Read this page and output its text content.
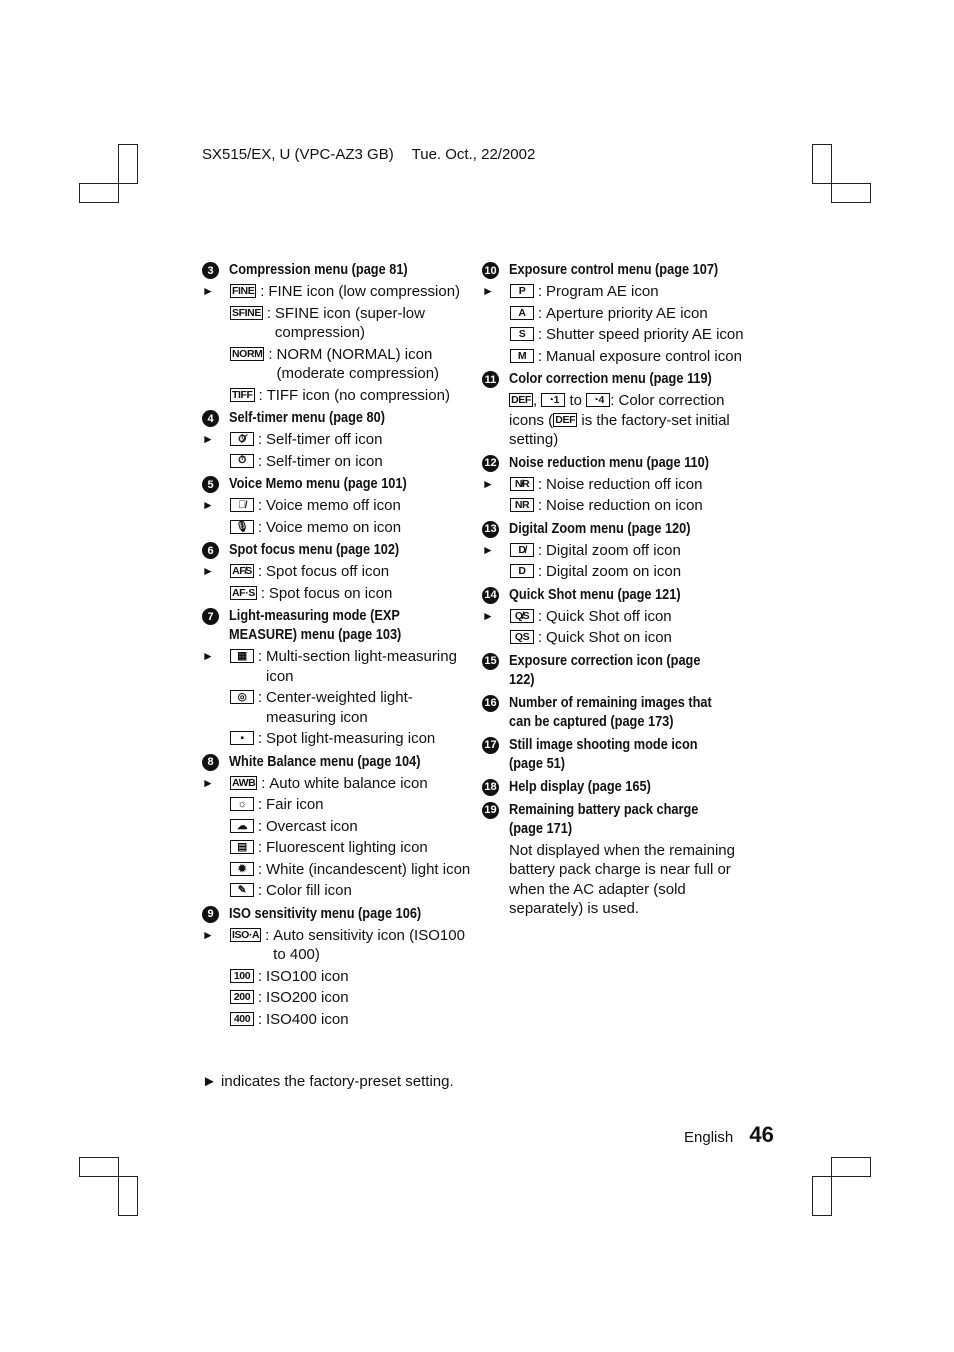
SX515/EX, U (VPC-AZ3 GB) Tue. Oct., 22/2002
3	Compression menu (page 81)
►	FINE : FINE icon (low compression)
SFINE : SFINE icon (super-low compression)
NORM : NORM (NORMAL) icon (moderate compression)
TIFF : TIFF icon (no compression)
4	Self-timer menu (page 80)
►	⏱̸ : Self-timer off icon
⏱ : Self-timer on icon
5	Voice Memo menu (page 101)
►	🎙̸ : Voice memo off icon
🎙 : Voice memo on icon
6	Spot focus menu (page 102)
►	AF̸S : Spot focus off icon
AF·S : Spot focus on icon
7	Light-measuring mode (EXP MEASURE) menu (page 103)
►	▦ : Multi-section light-measuring icon
◎ : Center-weighted light-measuring icon
▪ : Spot light-measuring icon
8	White Balance menu (page 104)
►	AWB : Auto white balance icon
☼ : Fair icon
☁ : Overcast icon
▤ : Fluorescent lighting icon
✹ : White (incandescent) light icon
✎ : Color fill icon
9	ISO sensitivity menu (page 106)
►	ISO·A : Auto sensitivity icon (ISO100 to 400)
100 : ISO100 icon
200 : ISO200 icon
400 : ISO400 icon
10 Exposure control menu (page 107)
►	P : Program AE icon
A : Aperture priority AE icon
S : Shutter speed priority AE icon
M : Manual exposure control icon
11 Color correction menu (page 119)
DEF , ◔1 to ◔4 : Color correction icons ( DEF is the factory-set initial setting)
12 Noise reduction menu (page 110)
►	N̸R : Noise reduction off icon
NR : Noise reduction on icon
13 Digital Zoom menu (page 120)
►	D̸ : Digital zoom off icon
D : Digital zoom on icon
14 Quick Shot menu (page 121)
►	Q̸S : Quick Shot off icon
QS : Quick Shot on icon
15 Exposure correction icon (page 122)
16 Number of remaining images that can be captured (page 173)
17 Still image shooting mode icon (page 51)
18 Help display (page 165)
19 Remaining battery pack charge (page 171)
Not displayed when the remaining battery pack charge is near full or when the AC adapter (sold separately) is used.
► indicates the factory-preset setting.
English 46
